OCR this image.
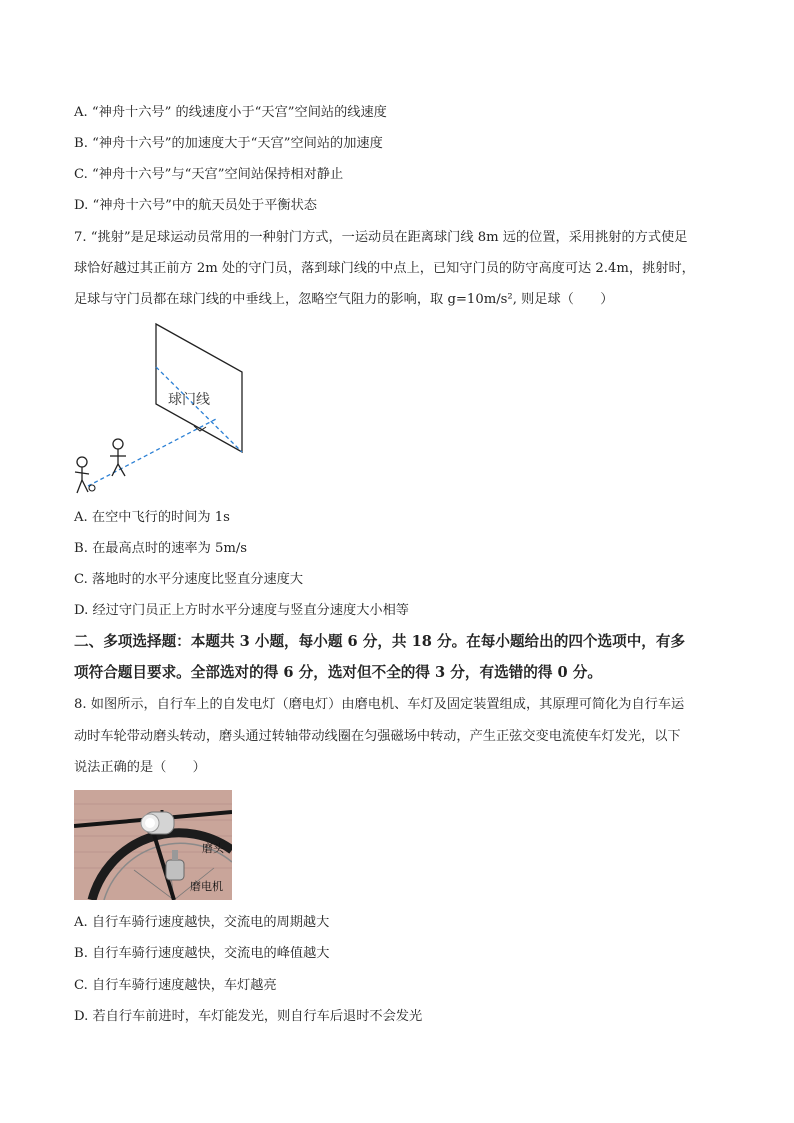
A. “神舟十六号” 的线速度小于“天宫”空间站的线速度
B. “神舟十六号”的加速度大于“天宫”空间站的加速度
C. “神舟十六号”与“天宫”空间站保持相对静止
D. “神舟十六号”中的航天员处于平衡状态
7. “挑射”是足球运动员常用的一种射门方式，一运动员在距离球门线 8m 远的位置，采用挑射的方式使足
球恰好越过其正前方 2m 处的守门员，落到球门线的中点上，已知守门员的防守高度可达 2.4m，挑射时，
足球与守门员都在球门线的中垂线上，忽略空气阻力的影响，取 g=10m/s², 则足球（　　）
球门线
A. 在空中飞行的时间为 1s
B. 在最高点时的速率为 5m/s
C. 落地时的水平分速度比竖直分速度大
D. 经过守门员正上方时水平分速度与竖直分速度大小相等
二、多项选择题：本题共 3 小题，每小题 6 分，共 18 分。在每小题给出的四个选项中，有多
项符合题目要求。全部选对的得 6 分，选对但不全的得 3 分，有选错的得 0 分。
8. 如图所示，自行车上的自发电灯（磨电灯）由磨电机、车灯及固定装置组成，其原理可简化为自行车运
动时车轮带动磨头转动，磨头通过转轴带动线圈在匀强磁场中转动，产生正弦交变电流使车灯发光，以下
说法正确的是（　　）
磨头
磨电机
A. 自行车骑行速度越快，交流电的周期越大
B. 自行车骑行速度越快，交流电的峰值越大
C. 自行车骑行速度越快，车灯越亮
D. 若自行车前进时，车灯能发光，则自行车后退时不会发光
